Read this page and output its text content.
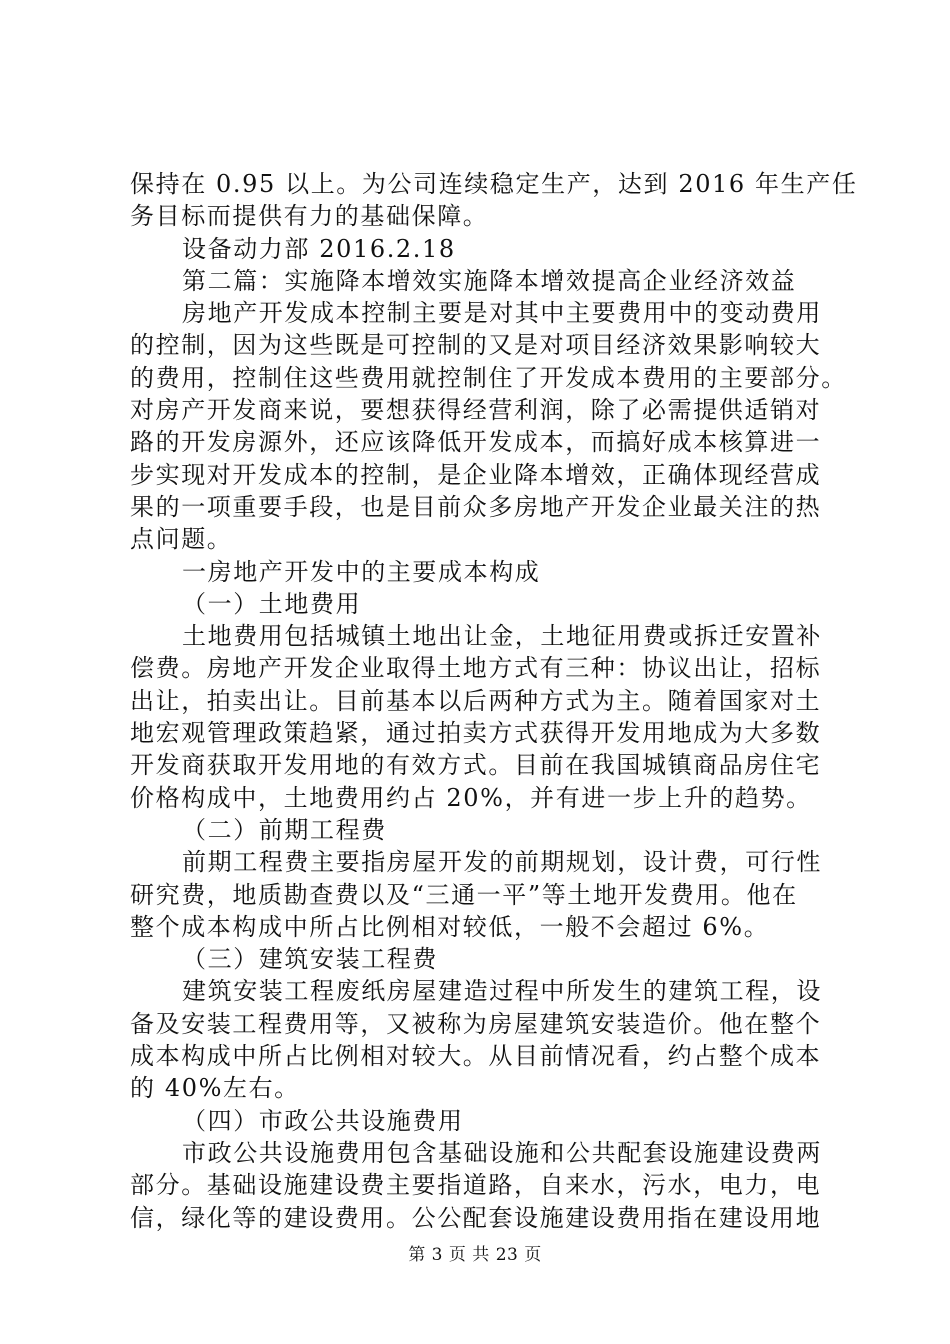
保持在 0.95 以上。为公司连续稳定生产，达到 2016 年生产任
务目标而提供有力的基础保障。
设备动力部 2016.2.18
第二篇：实施降本增效实施降本增效提高企业经济效益
房地产开发成本控制主要是对其中主要费用中的变动费用
的控制，因为这些既是可控制的又是对项目经济效果影响较大
的费用，控制住这些费用就控制住了开发成本费用的主要部分。
对房产开发商来说，要想获得经营利润，除了必需提供适销对
路的开发房源外，还应该降低开发成本，而搞好成本核算进一
步实现对开发成本的控制，是企业降本增效，正确体现经营成
果的一项重要手段，也是目前众多房地产开发企业最关注的热
点问题。
一房地产开发中的主要成本构成
（一）土地费用
土地费用包括城镇土地出让金，土地征用费或拆迁安置补
偿费。房地产开发企业取得土地方式有三种：协议出让，招标
出让，拍卖出让。目前基本以后两种方式为主。随着国家对土
地宏观管理政策趋紧，通过拍卖方式获得开发用地成为大多数
开发商获取开发用地的有效方式。目前在我国城镇商品房住宅
价格构成中，土地费用约占 20%，并有进一步上升的趋势。
（二）前期工程费
前期工程费主要指房屋开发的前期规划，设计费，可行性
研究费，地质勘查费以及“三通一平”等土地开发费用。他在
整个成本构成中所占比例相对较低，一般不会超过 6%。
（三）建筑安装工程费
建筑安装工程废纸房屋建造过程中所发生的建筑工程，设
备及安装工程费用等，又被称为房屋建筑安装造价。他在整个
成本构成中所占比例相对较大。从目前情况看，约占整个成本
的 40%左右。
（四）市政公共设施费用
市政公共设施费用包含基础设施和公共配套设施建设费两
部分。基础设施建设费主要指道路，自来水，污水，电力，电
信，绿化等的建设费用。公公配套设施建设费用指在建设用地
第 3 页 共 23 页
